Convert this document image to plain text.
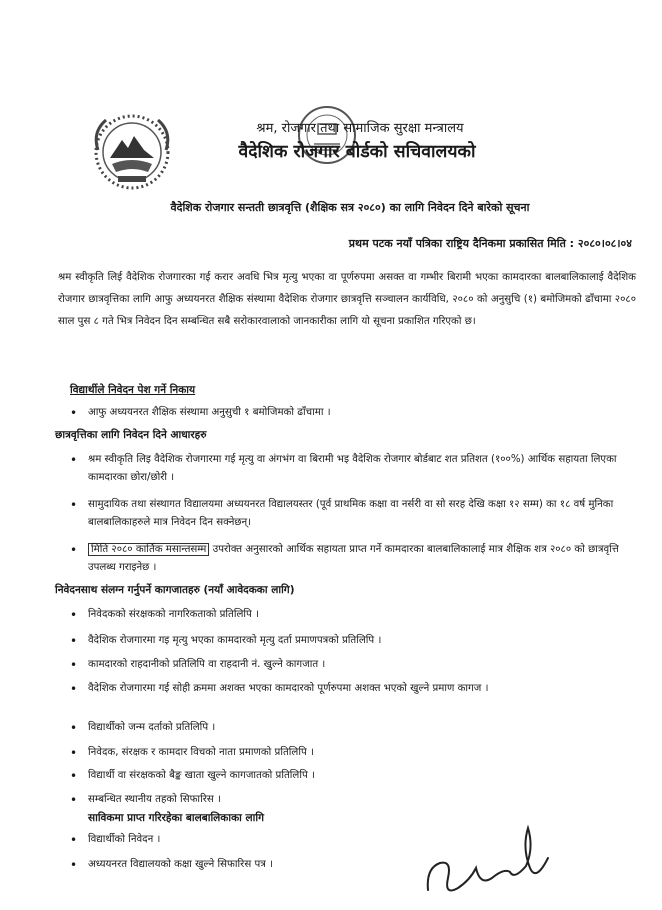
श्रम, रोजगार तथा सामाजिक सुरक्षा मन्त्रालय
वैदेशिक रोजगार बोर्डको सचिवालयको
वैदेशिक रोजगार सन्तती छात्रवृत्ति (शैक्षिक सत्र २०८०) का लागि निवेदन दिने बारेको सूचना
प्रथम पटक नयाँ पत्रिका राष्ट्रिय दैनिकमा प्रकासित मिति : २०८०।०८।०४

श्रम स्वीकृति लिई वैदेशिक रोजगारका गई करार अवधि भित्र मृत्यु भएका वा पूर्णरुपमा असक्त वा गम्भीर बिरामी भएका कामदारका बालबालिकालाई वैदेशिक रोजगार छात्रवृत्तिका लागि आफु अध्ययनरत शैक्षिक संस्थामा वैदेशिक रोजगार छात्रवृत्ति सञ्चालन कार्यविधि, २०८० को अनुसुचि (१) बमोजिमको ढाँचामा २०८० साल पुस ८ गते भित्र निवेदन दिन सम्बन्धित सबै सरोकारवालाको जानकारीका लागि यो सूचना प्रकाशित गरिएको छ।

विद्यार्थीले निवेदन पेश गर्ने निकाय
•	आफु अध्ययनरत शैक्षिक संस्थामा अनुसुची १ बमोजिमको ढाँचामा ।
छात्रवृत्तिका लागि निवेदन दिने आधारहरु
•	श्रम स्वीकृति लिइ वैदेशिक रोजगारमा गई मृत्यु वा अंगभंग वा बिरामी भइ वैदेशिक रोजगार बोर्डबाट शत प्रतिशत (१००%) आर्थिक सहायता लिएका कामदारका छोरा/छोरी ।
•	सामुदायिक तथा संस्थागत विद्यालयमा अध्ययनरत विद्यालयस्तर (पूर्व प्राथमिक कक्षा वा नर्सरी वा सो सरह देखि कक्षा १२ सम्म) का १८ वर्ष मुनिका बालबालिकाहरुले मात्र निवेदन दिन सक्नेछन्।
•	मिति २०८० कार्तिक मसान्तसम्म उपरोक्त अनुसारको आर्थिक सहायता प्राप्त गर्ने कामदारका बालबालिकालाई मात्र शैक्षिक शत्र २०८० को छात्रवृत्ति उपलब्ध गराइनेछ ।
निवेदनसाथ संलग्न गर्नुपर्ने कागजातहरु (नयाँ आवेदकका लागि)
•	निवेदकको संरक्षकको नागरिकताको प्रतिलिपि ।
•	वैदेशिक रोजगारमा गइ मृत्यु भएका कामदारको मृत्यु दर्ता प्रमाणपत्रको प्रतिलिपि ।
•	कामदारको राहदानीको प्रतिलिपि वा राहदानी नं. खुल्ने कागजात ।
•	वैदेशिक रोजगारमा गई सोही क्रममा अशक्त भएका कामदारको पूर्णरुपमा अशक्त भएको खुल्ने प्रमाण कागज ।
•	विद्यार्थीको जन्म दर्ताको प्रतिलिपि ।
•	निवेदक, संरक्षक र कामदार विचको नाता प्रमाणको प्रतिलिपि ।
•	विद्यार्थी वा संरक्षकको बैङ्क खाता खुल्ने कागजातको प्रतिलिपि ।
•	सम्बन्धित स्थानीय तहको सिफारिस ।
साविकमा प्राप्त गरिरहेका बालबालिकाका लागि
•	विद्यार्थीको निवेदन ।
•	अध्ययनरत विद्यालयको कक्षा खुल्ने सिफारिस पत्र ।
